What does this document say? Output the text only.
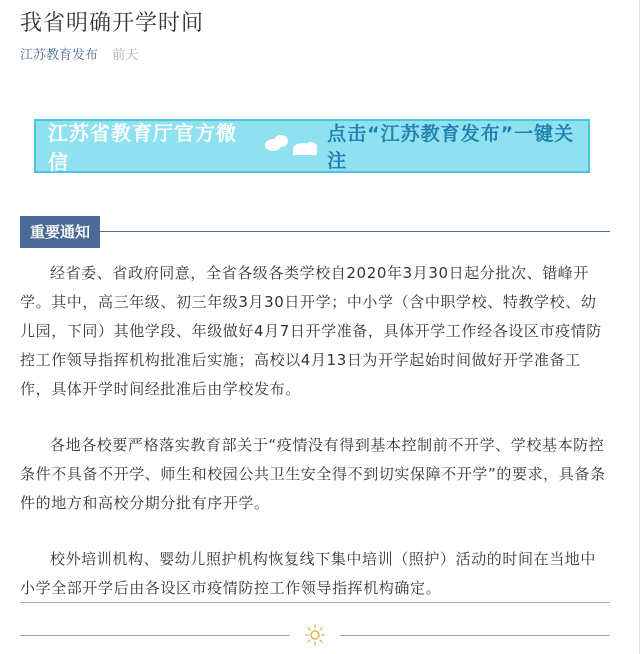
我省明确开学时间
江苏教育发布 前天
江苏省教育厅官方微信
点击“江苏教育发布”一键关注
重要通知

经省委、省政府同意，全省各级各类学校自2020年3月30日起分批次、错峰开学。其中，高三年级、初三年级3月30日开学；中小学（含中职学校、特教学校、幼儿园，下同）其他学段、年级做好4月7日开学准备，具体开学工作经各设区市疫情防控工作领导指挥机构批准后实施；高校以4月13日为开学起始时间做好开学准备工作，具体开学时间经批准后由学校发布。

各地各校要严格落实教育部关于“疫情没有得到基本控制前不开学、学校基本防控条件不具备不开学、师生和校园公共卫生安全得不到切实保障不开学”的要求，具备条件的地方和高校分期分批有序开学。

校外培训机构、婴幼儿照护机构恢复线下集中培训（照护）活动的时间在当地中小学全部开学后由各设区市疫情防控工作领导指挥机构确定。
